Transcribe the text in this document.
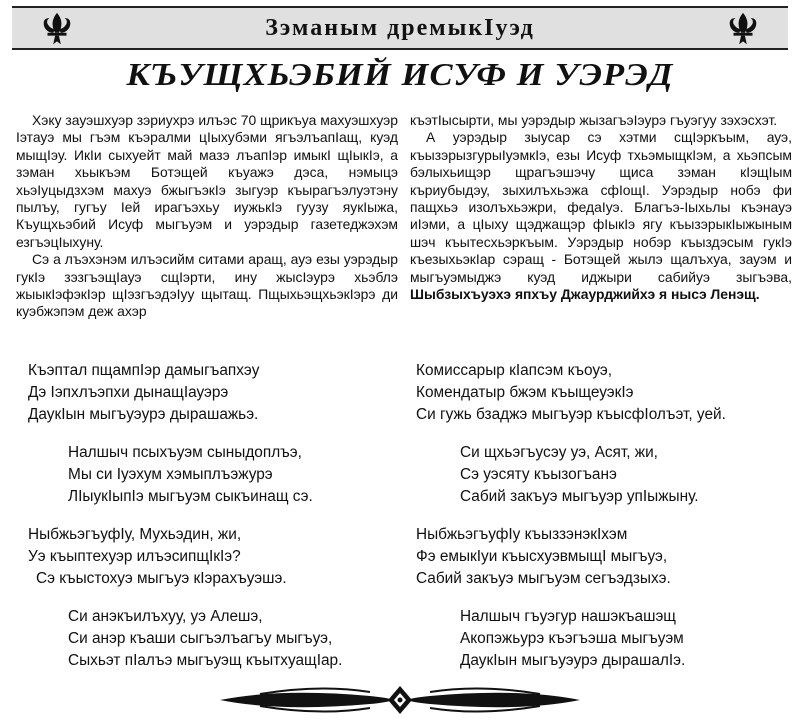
Зэманым дремыкIуэд
КЪУЩХЬЭБИЙ ИСУФ И УЭРЭД

Хэку зауэшхуэр зэриухрэ илъэс 70 щрикъуа махуэшхуэр Iэтауэ мы гъэм къэралми цIыхубэми ягъэлъапIащ, куэд мыщIэу. ИкIи сыхуейт май мазэ лъапIэр имыкI щIыкIэ, а зэман хьыкъэм Ботэщей къуажэ дэса, нэмыцэ хьэIуцыдзхэм махуэ бжыгъэкIэ зыгуэр къырагъэлуэтэну пылъу, гугъу Iей ирагъэхьу иужькIэ гуузу яукIыжа, Къущхьэбий Исуф мыгъуэм и уэрэдыр газетеджэхэм езгъэцIыхуну.

Сэ а лъэхэнэм илъэсийм ситами аращ, ауэ езы уэрэдыр гукIэ зэзгъэщIауэ сщIэрти, ину жысIэурэ хьэблэ жыыкIэфэкIэр щIэзгъэдэIуу щытащ. ПщыхьэщхьэкIэрэ ди куэбжэпэм деж ахэр

къэтIысырти, мы уэрэдыр жызагъэIэурэ гъуэгуу зэхэсхэт.

А уэрэдыр зыусар сэ хэтми сщIэркъым, ауэ, къызэрызгурыIуэмкIэ, езы Исуф тхьэмыщкIэм, а хьэпсым бэлыхьищэр щрагъэшэчу щиса зэман кIэщIым къриубыдэу, зыхилъхьэжа сфIощI. Уэрэдыр нобэ фи пащхьэ изолъхьэжри, федаIуэ. Благъэ-Iыхьлы къэнауэ иIэми, а цIыху щэджащэр фIыкIэ ягу къызэрыкIыжыным шэч къытесхьэркъым. Уэрэдыр нобэр къыздэсым гукIэ къезыхьэкIар сэращ - Ботэщей жылэ щалъхуа, зауэм и мыгъуэмыджэ куэд иджыри сабийуэ зыгъэва, Шыбзыхъуэхэ япхъу Джаурджийхэ я нысэ Ленэщ.

Къэптал пщампIэр дамыгъапхэу
Дэ Iэпхлъэпхи дынащIауэрэ
ДаукIын мыгъуэурэ дырашажьэ.
Налшыч псыхъуэм сыныдоплъэ,
Мы си Iуэхум хэмыплъэжурэ
ЛIыукIыпIэ мыгъуэм сыкъинащ сэ.
НыбжьэгъуфIу, Мухьэдин, жи,
Уэ къыптехуэр илъэсипщIкIэ?
Сэ къыстохуэ мыгъуэ кIэрахъуэшэ.
Си анэкъилъхуу, уэ Алешэ,
Си анэр къаши сыгъэлъагъу мыгъуэ,
Сыхьэт пIалъэ мыгъуэщ къытхуащIар.
Комиссарыр кIапсэм къоуэ,
Комендатыр бжэм къыщеуэкIэ
Си гужь бзаджэ мыгъуэр къысфIолъэт, уей.
Си щхьэгъусэу уэ, Асят, жи,
Сэ уэсяту къызогъанэ
Сабий закъуэ мыгъуэр упIыжыну.
НыбжьэгъуфIу къыззэнэкIхэм
Фэ емыкIуи къысхуэвмыщI мыгъуэ,
Сабий закъуэ мыгъуэм сегъэдзыхэ.
Налшыч гъуэгур нашэкъашэщ
Акопэжьурэ къэгъэша мыгъуэм
ДаукIын мыгъуэурэ дырашалIэ.
